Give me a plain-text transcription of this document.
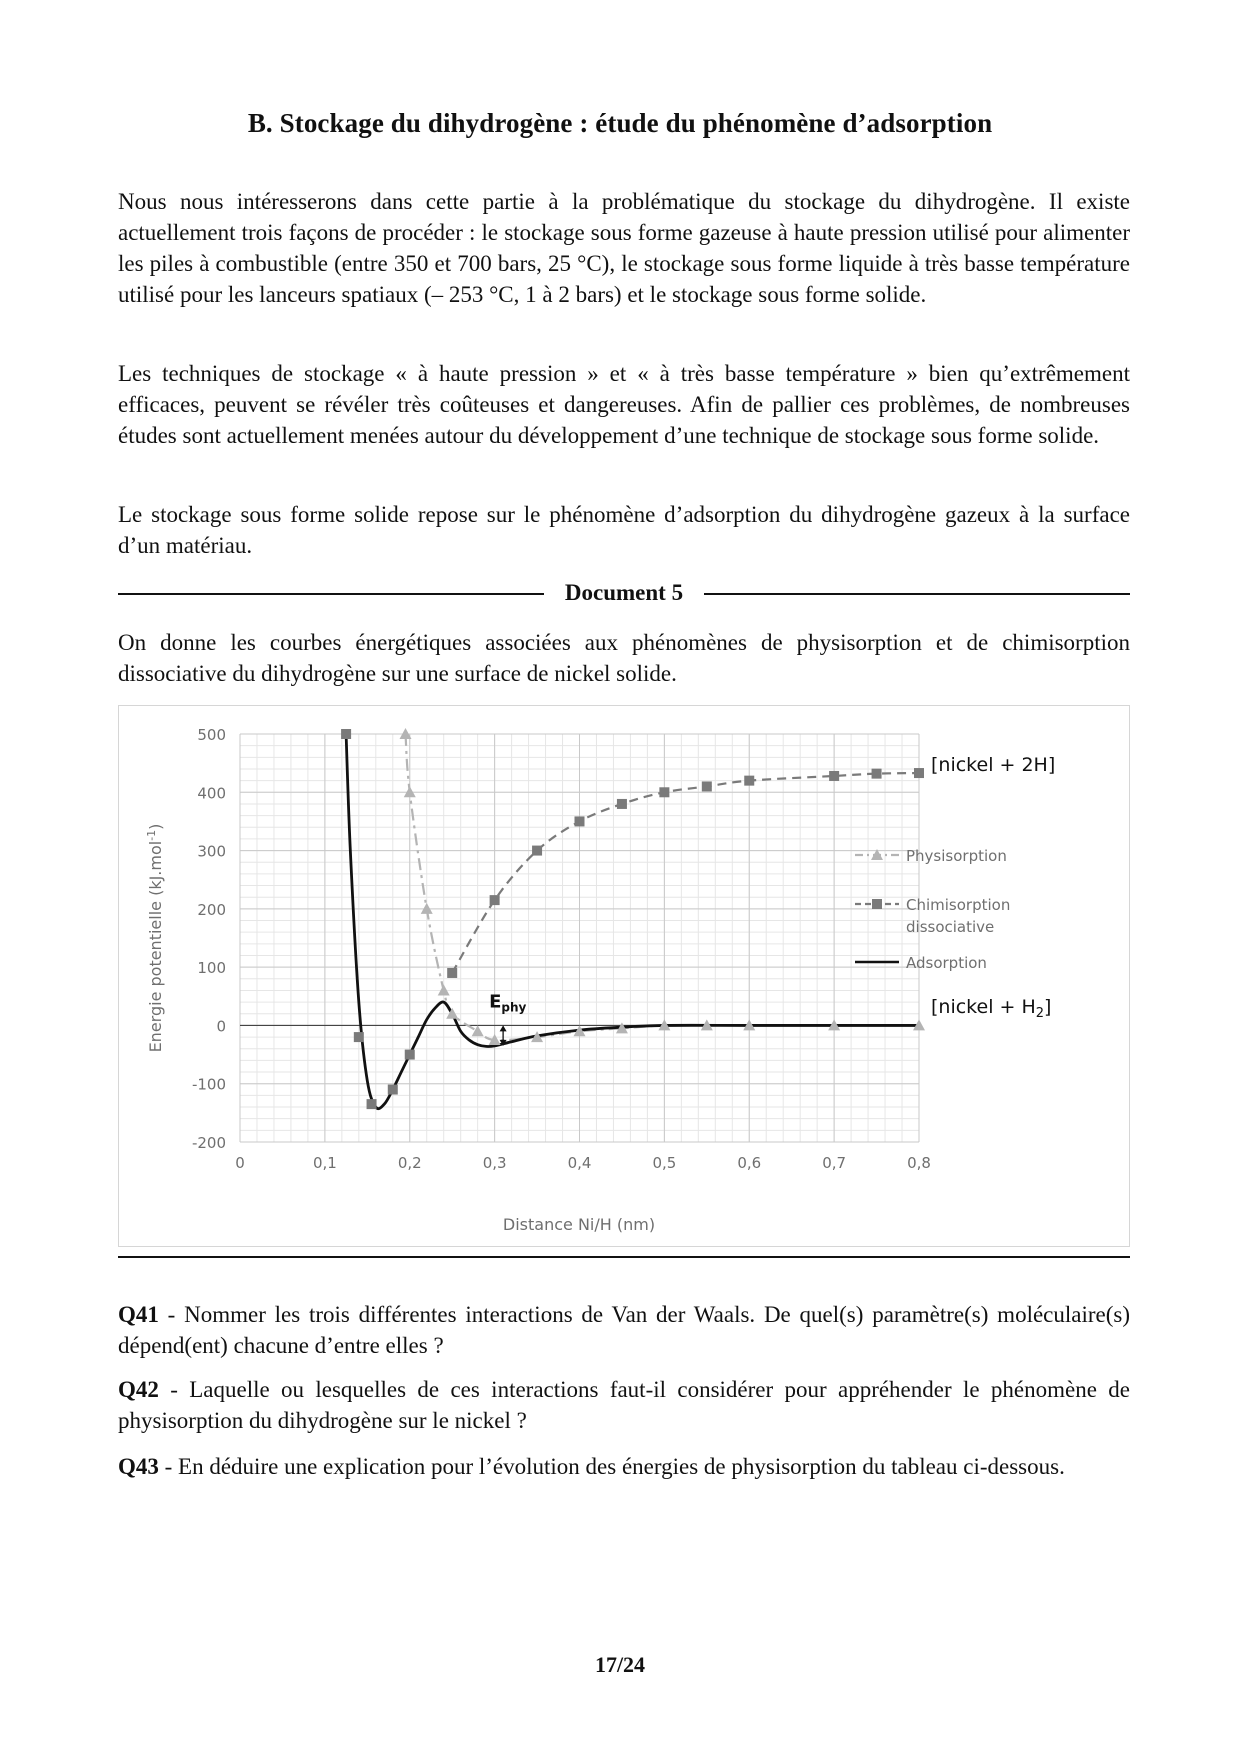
B. Stockage du dihydrogène : étude du phénomène d’adsorption

Nous nous intéresserons dans cette partie à la problématique du stockage du dihydrogène. Il existe actuellement trois façons de procéder : le stockage sous forme gazeuse à haute pression utilisé pour alimenter les piles à combustible (entre 350 et 700 bars, 25 °C), le stockage sous forme liquide à très basse température utilisé pour les lanceurs spatiaux (– 253 °C, 1 à 2 bars) et le stockage sous forme solide.

Les techniques de stockage « à haute pression » et « à très basse température » bien qu’extrêmement efficaces, peuvent se révéler très coûteuses et dangereuses. Afin de pallier ces problèmes, de nombreuses études sont actuellement menées autour du développement d’une technique de stockage sous forme solide.

Le stockage sous forme solide repose sur le phénomène d’adsorption du dihydrogène gazeux à la surface d’un matériau.

Document 5

On donne les courbes énergétiques associées aux phénomènes de physisorption et de chimisorption dissociative du dihydrogène sur une surface de nickel solide.

-200
-100
0
100
200
300
400
500
0	0,1	0,2	0,3	0,4	0,5	0,6	0,7	0,8
Energie potentielle (kJ.mol$^{-1}$)
Distance Ni/H (nm)
[nickel + 2H]
[nickel + $H_2$]
$E_{phy}$
Physisorption
Chimisorption
dissociative
Adsorption

Q41 - Nommer les trois différentes interactions de Van der Waals. De quel(s) paramètre(s) moléculaire(s) dépend(ent) chacune d’entre elles ?

Q42 - Laquelle ou lesquelles de ces interactions faut-il considérer pour appréhender le phénomène de physisorption du dihydrogène sur le nickel ?

Q43 - En déduire une explication pour l’évolution des énergies de physisorption du tableau ci-dessous.

17/24
